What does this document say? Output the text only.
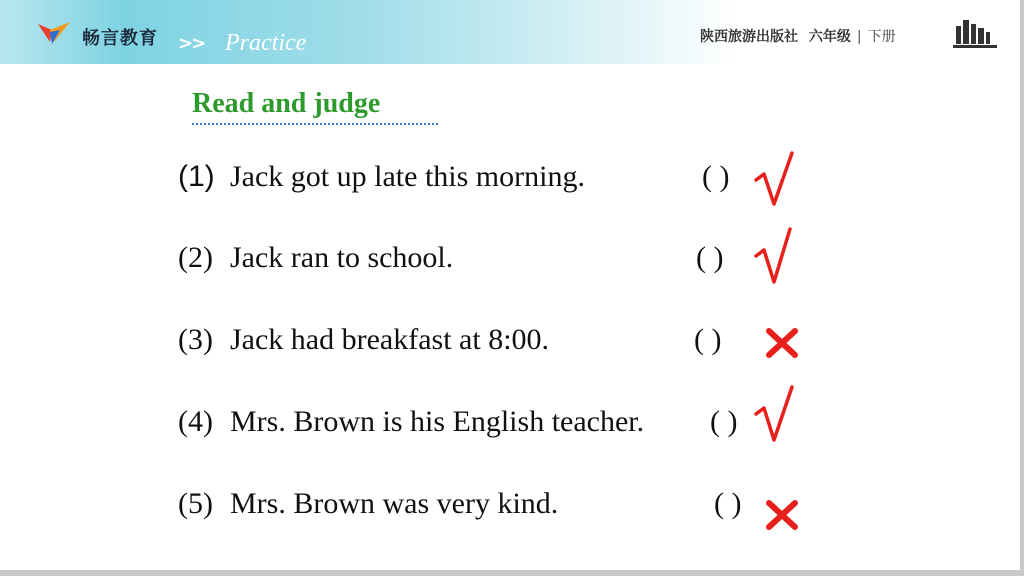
畅言教育 >> Practice	陕西旅游出版社 六年级 | 下册
Read and judge
(1) Jack got up late this morning.	( )
(2) Jack ran to school.	( )
(3) Jack had breakfast at 8:00.	( )
(4) Mrs. Brown is his English teacher. ( )
(5) Mrs. Brown was very kind.	( )
